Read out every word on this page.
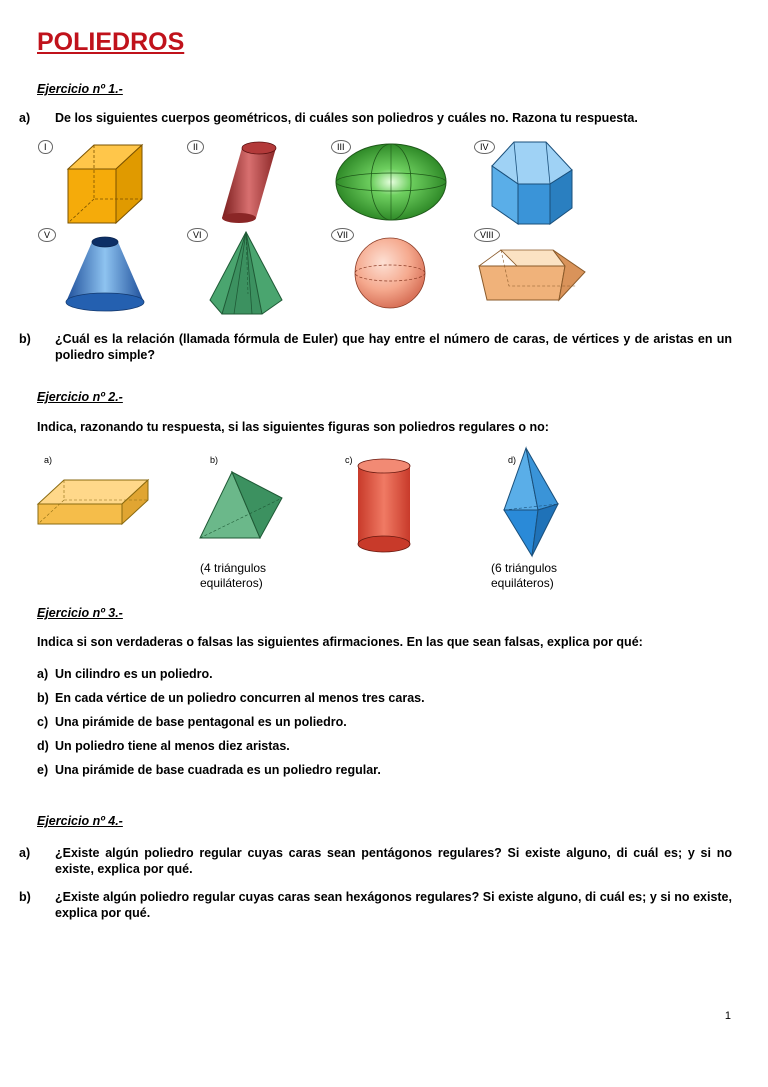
POLIEDROS
Ejercicio nº 1.-
a) De los siguientes cuerpos geométricos, di cuáles son poliedros y cuáles no. Razona tu respuesta.
I	II	III	IV
V	VI	VII	VIII
b) ¿Cuál es la relación (llamada fórmula de Euler) que hay entre el número de caras, de vértices y de aristas en un poliedro simple?
Ejercicio nº 2.-
Indica, razonando tu respuesta, si las siguientes figuras son poliedros regulares o no:
a)	b)	c)	d)
(4 triángulos
equiláteros)
(6 triángulos
equiláteros)
Ejercicio nº 3.-
Indica si son verdaderas o falsas las siguientes afirmaciones. En las que sean falsas, explica por qué:
a) Un cilindro es un poliedro.
b) En cada vértice de un poliedro concurren al menos tres caras.
c) Una pirámide de base pentagonal es un poliedro.
d) Un poliedro tiene al menos diez aristas.
e) Una pirámide de base cuadrada es un poliedro regular.
Ejercicio nº 4.-
a) ¿Existe algún poliedro regular cuyas caras sean pentágonos regulares? Si existe alguno, di cuál es; y si no existe, explica por qué.
b) ¿Existe algún poliedro regular cuyas caras sean hexágonos regulares? Si existe alguno, di cuál es; y si no existe, explica por qué.
1
